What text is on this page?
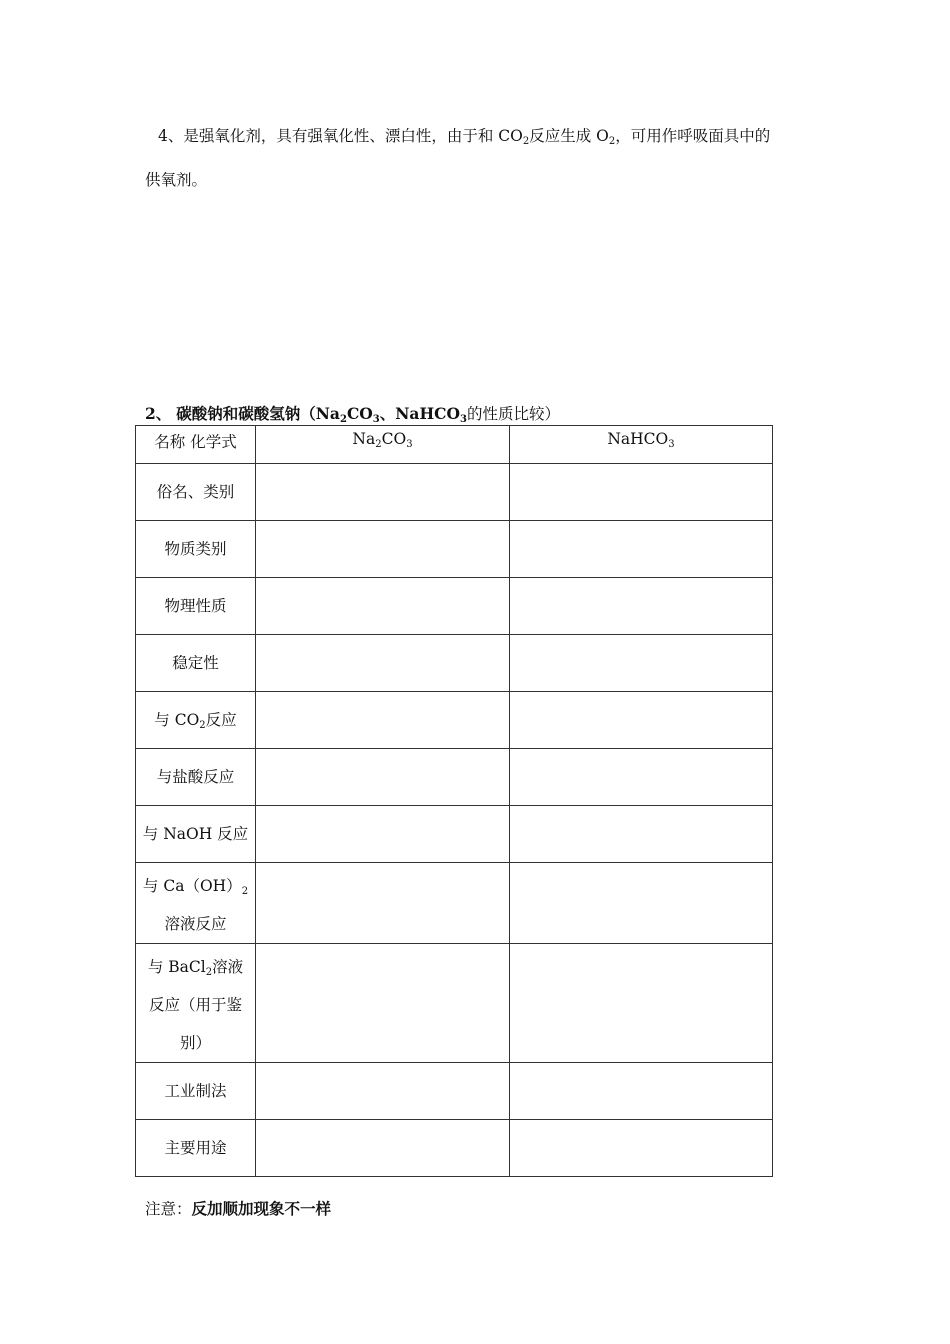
4、是强氧化剂，具有强氧化性、漂白性，由于和 $CO_2$反应生成 $O_2$，可用作呼吸面具中的
供氧剂。
2、 碳酸钠和碳酸氢钠（$Na_2CO_3$、NaHCO$_3$的性质比较）
名称 化学式	$Na_2CO_3$	NaHCO$_3$
俗名、类别		
物质类别		
物理性质		
稳定性		
与 $CO_2$反应		
与盐酸反应		
与 NaOH 反应		
与 $Ca(OH)_2$溶液反应		
与 BaCl$_2$溶液反应（用于鉴别）		
工业制法		
主要用途		
注意：反加顺加现象不一样
